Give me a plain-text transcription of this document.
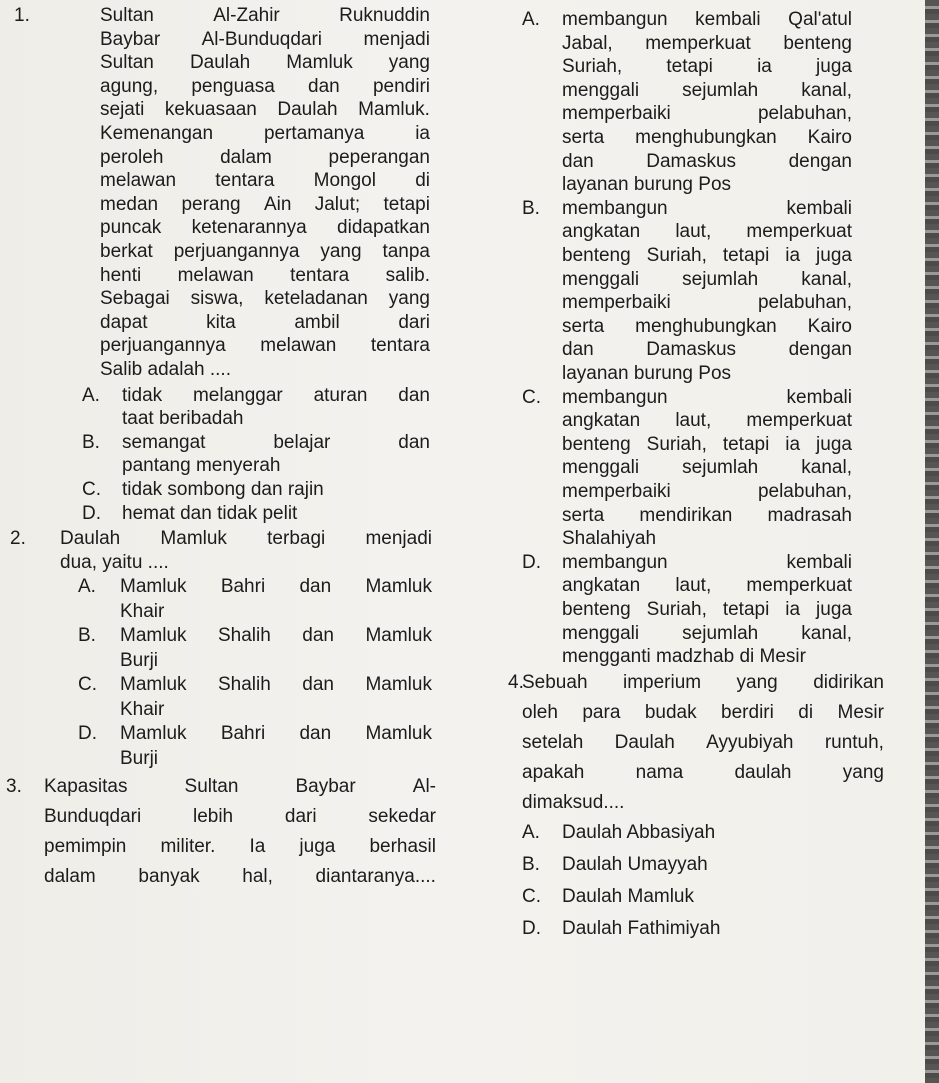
1.	Sultan	Al-Zahir	Ruknuddin
Baybar Al-Bunduqdari menjadi
Sultan Daulah Mamluk yang
agung, penguasa dan pendiri
sejati kekuasaan Daulah Mamluk.
Kemenangan	pertamanya	ia
peroleh	dalam	peperangan
melawan tentara Mongol di
medan perang Ain Jalut; tetapi
puncak ketenarannya didapatkan
berkat perjuangannya yang tanpa
henti melawan tentara salib.
Sebagai siswa, keteladanan yang
dapat	kita	ambil	dari
perjuangannya melawan tentara
Salib adalah ....
A. tidak melanggar aturan dan
taat beribadah
B. semangat	belajar	dan
pantang menyerah
C. tidak sombong dan rajin
D. hemat dan tidak pelit
2. Daulah Mamluk terbagi menjadi
dua, yaitu ....
A. Mamluk Bahri dan Mamluk
Khair
B. Mamluk Shalih dan Mamluk
Burji
C. Mamluk Shalih dan Mamluk
Khair
D. Mamluk Bahri dan Mamluk
Burji
3. Kapasitas	Sultan	Baybar	Al-
Bunduqdari	lebih	dari	sekedar
pemimpin militer. Ia juga berhasil
dalam banyak hal, diantaranya....
A. membangun kembali Qal'atul
Jabal, memperkuat benteng
Suriah, tetapi ia juga
menggali sejumlah kanal,
memperbaiki	pelabuhan,
serta menghubungkan Kairo
dan	Damaskus	dengan
layanan burung Pos
B. membangun	kembali
angkatan laut, memperkuat
benteng Suriah, tetapi ia juga
menggali sejumlah kanal,
memperbaiki	pelabuhan,
serta menghubungkan Kairo
dan	Damaskus	dengan
layanan burung Pos
C. membangun	kembali
angkatan laut, memperkuat
benteng Suriah, tetapi ia juga
menggali sejumlah kanal,
memperbaiki	pelabuhan,
serta mendirikan madrasah
Shalahiyah
D. membangun	kembali
angkatan laut, memperkuat
benteng Suriah, tetapi ia juga
menggali sejumlah kanal,
mengganti madzhab di Mesir
4.
Sebuah imperium yang didirikan
oleh para budak berdiri di Mesir
setelah Daulah Ayyubiyah runtuh,
apakah	nama	daulah	yang
dimaksud....
A. Daulah Abbasiyah
B. Daulah Umayyah
C. Daulah Mamluk
D. Daulah Fathimiyah
